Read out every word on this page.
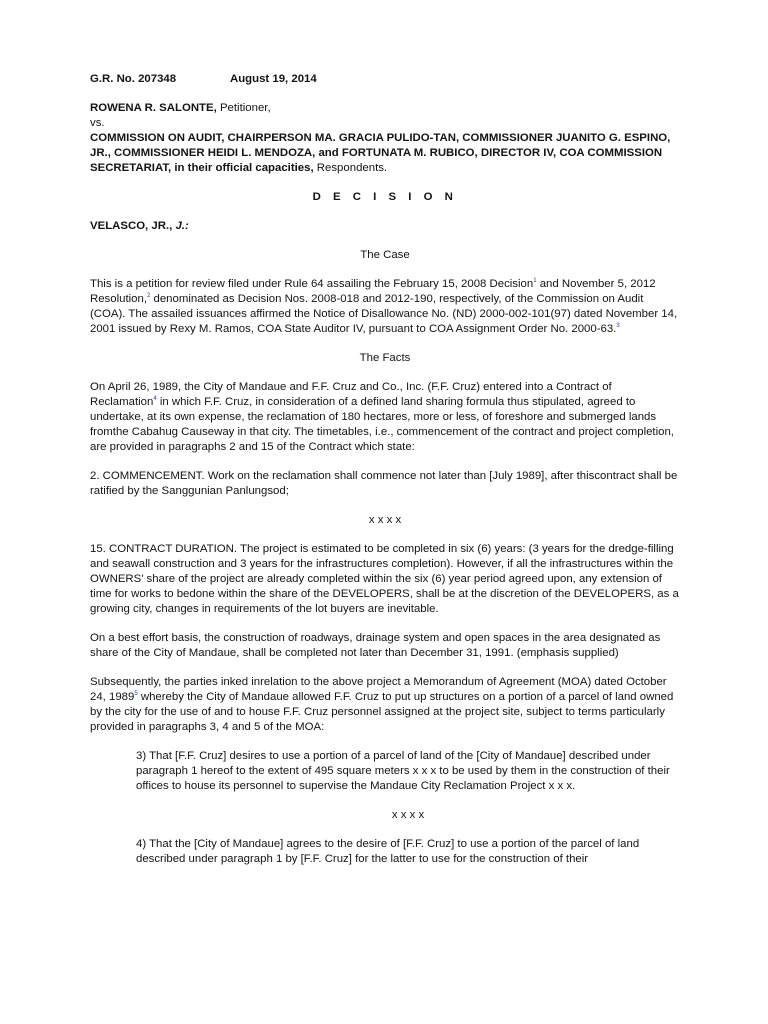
G.R. No. 207348	August 19, 2014

ROWENA R. SALONTE, Petitioner,

vs.

COMMISSION ON AUDIT, CHAIRPERSON MA. GRACIA PULIDO-TAN, COMMISSIONER JUANITO G. ESPINO, JR., COMMISSIONER HEIDI L. MENDOZA, and FORTUNATA M. RUBICO, DIRECTOR IV, COA COMMISSION SECRETARIAT, in their official capacities, Respondents.

D E C I S I O N

VELASCO, JR., J.:

The Case

This is a petition for review filed under Rule 64 assailing the February 15, 2008 Decision$^1$ and November 5, 2012 Resolution,$^2$ denominated as Decision Nos. 2008-018 and 2012-190, respectively, of the Commission on Audit (COA). The assailed issuances affirmed the Notice of Disallowance No. (ND) 2000-002-101(97) dated November 14, 2001 issued by Rexy M. Ramos, COA State Auditor IV, pursuant to COA Assignment Order No. 2000-63.$^3$

The Facts

On April 26, 1989, the City of Mandaue and F.F. Cruz and Co., Inc. (F.F. Cruz) entered into a Contract of Reclamation$^4$ in which F.F. Cruz, in consideration of a defined land sharing formula thus stipulated, agreed to undertake, at its own expense, the reclamation of 180 hectares, more or less, of foreshore and submerged lands fromthe Cabahug Causeway in that city. The timetables, i.e., commencement of the contract and project completion, are provided in paragraphs 2 and 15 of the Contract which state:

2. COMMENCEMENT. Work on the reclamation shall commence not later than [July 1989], after thiscontract shall be ratified by the Sanggunian Panlungsod;

x x x x

15. CONTRACT DURATION. The project is estimated to be completed in six (6) years: (3 years for the dredge-filling and seawall construction and 3 years for the infrastructures completion). However, if all the infrastructures within the OWNERS’ share of the project are already completed within the six (6) year period agreed upon, any extension of time for works to bedone within the share of the DEVELOPERS, shall be at the discretion of the DEVELOPERS, as a growing city, changes in requirements of the lot buyers are inevitable.

On a best effort basis, the construction of roadways, drainage system and open spaces in the area designated as share of the City of Mandaue, shall be completed not later than December 31, 1991. (emphasis supplied)

Subsequently, the parties inked inrelation to the above project a Memorandum of Agreement (MOA) dated October 24, 1989$^5$ whereby the City of Mandaue allowed F.F. Cruz to put up structures on a portion of a parcel of land owned by the city for the use of and to house F.F. Cruz personnel assigned at the project site, subject to terms particularly provided in paragraphs 3, 4 and 5 of the MOA:

3) That [F.F. Cruz] desires to use a portion of a parcel of land of the [City of Mandaue] described under paragraph 1 hereof to the extent of 495 square meters x x x to be used by them in the construction of their offices to house its personnel to supervise the Mandaue City Reclamation Project x x x.

x x x x

4) That the [City of Mandaue] agrees to the desire of [F.F. Cruz] to use a portion of the parcel of land described under paragraph 1 by [F.F. Cruz] for the latter to use for the construction of their
